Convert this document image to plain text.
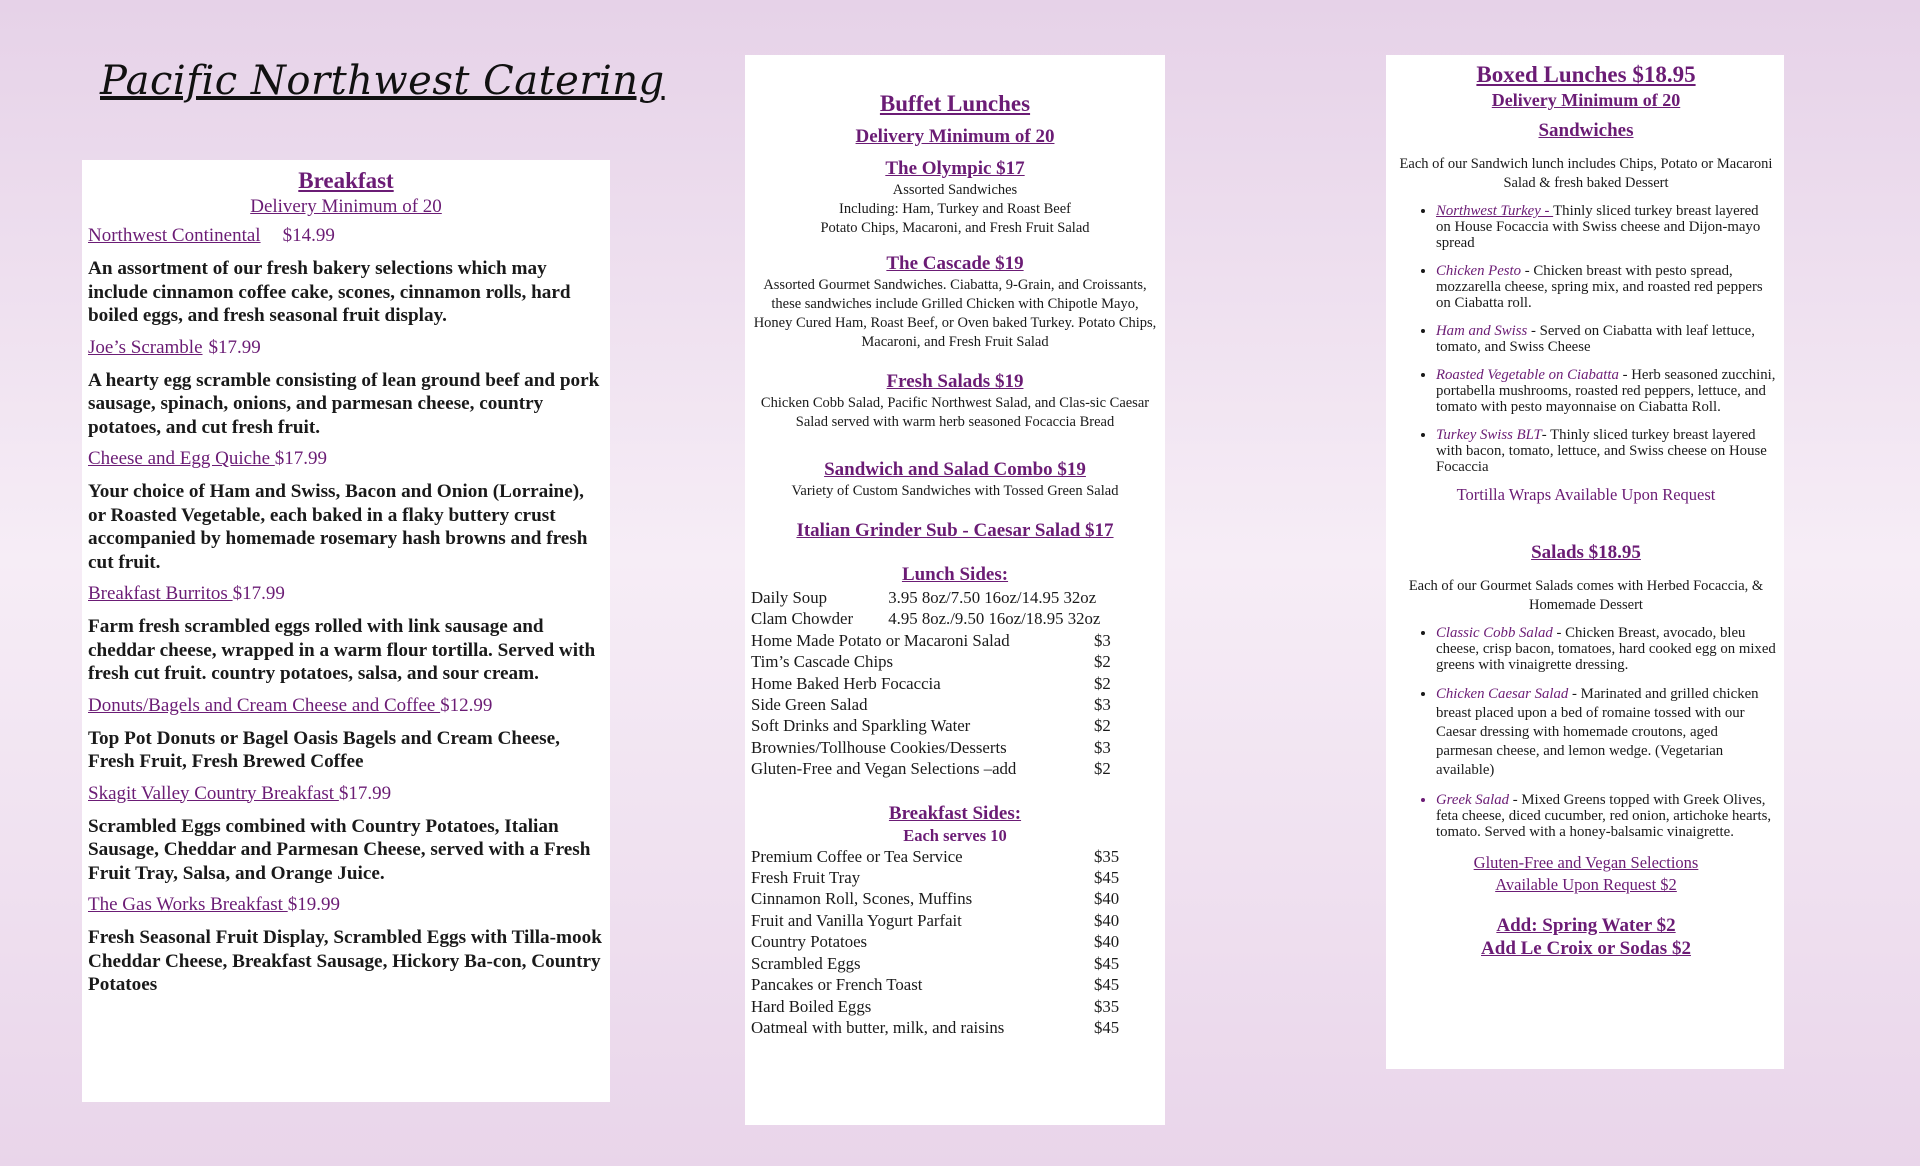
Pacific Northwest Catering
Breakfast
Delivery Minimum of 20
Northwest Continental $14.99
An assortment of our fresh bakery selections which may include cinnamon coffee cake, scones, cinnamon rolls, hard boiled eggs, and fresh seasonal fruit display.
Joe’s Scramble $17.99
A hearty egg scramble consisting of lean ground beef and pork sausage, spinach, onions, and parmesan cheese, country potatoes, and cut fresh fruit.
Cheese and Egg Quiche $17.99
Your choice of Ham and Swiss, Bacon and Onion (Lorraine), or Roasted Vegetable, each baked in a flaky buttery crust accompanied by homemade rosemary hash browns and fresh cut fruit.
Breakfast Burritos $17.99
Farm fresh scrambled eggs rolled with link sausage and cheddar cheese, wrapped in a warm flour tortilla. Served with fresh cut fruit. country potatoes, salsa, and sour cream.
Donuts/Bagels and Cream Cheese and Coffee $12.99
Top Pot Donuts or Bagel Oasis Bagels and Cream Cheese, Fresh Fruit, Fresh Brewed Coffee
Skagit Valley Country Breakfast $17.99
Scrambled Eggs combined with Country Potatoes, Italian Sausage, Cheddar and Parmesan Cheese, served with a Fresh Fruit Tray, Salsa, and Orange Juice.
The Gas Works Breakfast $19.99
Fresh Seasonal Fruit Display, Scrambled Eggs with Tilla-mook Cheddar Cheese, Breakfast Sausage, Hickory Ba-con, Country Potatoes
Buffet Lunches
Delivery Minimum of 20
The Olympic $17
Assorted Sandwiches
Including: Ham, Turkey and Roast Beef
Potato Chips, Macaroni, and Fresh Fruit Salad
The Cascade $19
Assorted Gourmet Sandwiches. Ciabatta, 9-Grain, and Croissants, these sandwiches include Grilled Chicken with Chipotle Mayo, Honey Cured Ham, Roast Beef, or Oven baked Turkey. Potato Chips, Macaroni, and Fresh Fruit Salad
Fresh Salads $19
Chicken Cobb Salad, Pacific Northwest Salad, and Clas-sic Caesar Salad served with warm herb seasoned Focaccia Bread
Sandwich and Salad Combo $19
Variety of Custom Sandwiches with Tossed Green Salad
Italian Grinder Sub - Caesar Salad $17
Lunch Sides:
Daily Soup	3.95 8oz/7.50 16oz/14.95 32oz
Clam Chowder	4.95 8oz./9.50 16oz/18.95 32oz
Home Made Potato or Macaroni Salad	$3
Tim’s Cascade Chips	$2
Home Baked Herb Focaccia	$2
Side Green Salad	$3
Soft Drinks and Sparkling Water	$2
Brownies/Tollhouse Cookies/Desserts	$3
Gluten-Free and Vegan Selections –add	$2
Breakfast Sides:
Each serves 10
Premium Coffee or Tea Service	$35
Fresh Fruit Tray	$45
Cinnamon Roll, Scones, Muffins	$40
Fruit and Vanilla Yogurt Parfait	$40
Country Potatoes	$40
Scrambled Eggs	$45
Pancakes or French Toast	$45
Hard Boiled Eggs	$35
Oatmeal with butter, milk, and raisins	$45
Boxed Lunches $18.95
Delivery Minimum of 20
Sandwiches
Each of our Sandwich lunch includes Chips, Potato or Macaroni Salad & fresh baked Dessert
• Northwest Turkey - Thinly sliced turkey breast layered on House Focaccia with Swiss cheese and Dijon-mayo spread
• Chicken Pesto - Chicken breast with pesto spread, mozzarella cheese, spring mix, and roasted red peppers on Ciabatta roll.
• Ham and Swiss - Served on Ciabatta with leaf lettuce, tomato, and Swiss Cheese
• Roasted Vegetable on Ciabatta - Herb seasoned zucchini, portabella mushrooms, roasted red peppers, lettuce, and tomato with pesto mayonnaise on Ciabatta Roll.
• Turkey Swiss BLT- Thinly sliced turkey breast layered with bacon, tomato, lettuce, and Swiss cheese on House Focaccia
Tortilla Wraps Available Upon Request
Salads $18.95
Each of our Gourmet Salads comes with Herbed Focaccia, & Homemade Dessert
• Classic Cobb Salad - Chicken Breast, avocado, bleu cheese, crisp bacon, tomatoes, hard cooked egg on mixed greens with vinaigrette dressing.
• Chicken Caesar Salad - Marinated and grilled chicken breast placed upon a bed of romaine tossed with our Caesar dressing with homemade croutons, aged parmesan cheese, and lemon wedge. (Vegetarian available)
• Greek Salad - Mixed Greens topped with Greek Olives, feta cheese, diced cucumber, red onion, artichoke hearts, tomato. Served with a honey-balsamic vinaigrette.
Gluten-Free and Vegan Selections
Available Upon Request $2
Add: Spring Water $2
Add Le Croix or Sodas $2
